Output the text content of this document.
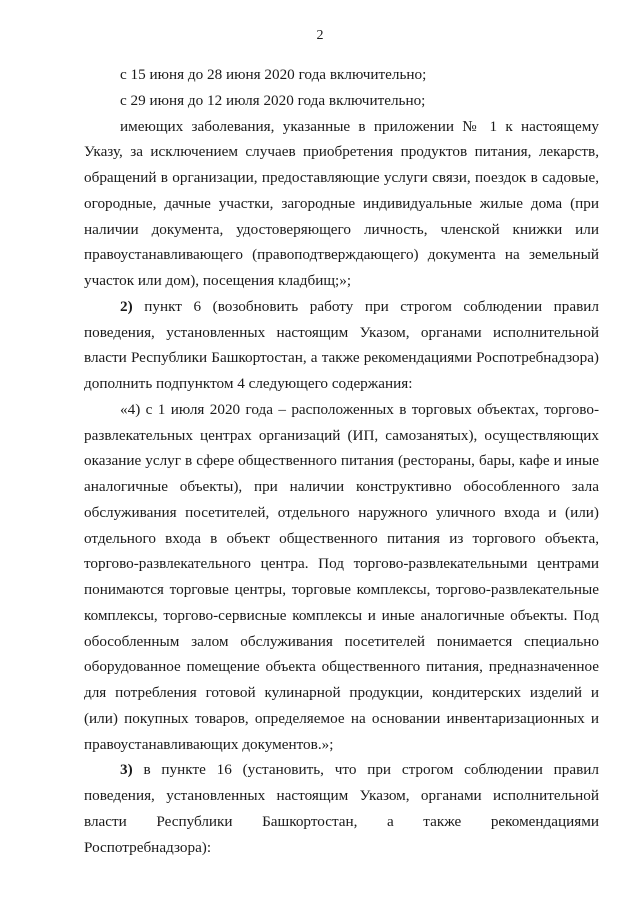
2

с 15 июня до 28 июня 2020 года включительно;

с 29 июня до 12 июля 2020 года включительно;

имеющих заболевания, указанные в приложении № 1 к настоящему Указу, за исключением случаев приобретения продуктов питания, лекарств, обращений в организации, предоставляющие услуги связи, поездок в садовые, огородные, дачные участки, загородные индивидуальные жилые дома (при наличии документа, удостоверяющего личность, членской книжки или правоустанавливающего (правоподтверждающего) документа на земельный участок или дом), посещения кладбищ;»;

2) пункт 6 (возобновить работу при строгом соблюдении правил поведения, установленных настоящим Указом, органами исполнительной власти Республики Башкортостан, а также рекомендациями Роспотребнадзора) дополнить подпунктом 4 следующего содержания:

«4) с 1 июля 2020 года – расположенных в торговых объектах, торгово-развлекательных центрах организаций (ИП, самозанятых), осуществляющих оказание услуг в сфере общественного питания (рестораны, бары, кафе и иные аналогичные объекты), при наличии конструктивно обособленного зала обслуживания посетителей, отдельного наружного уличного входа и (или) отдельного входа в объект общественного питания из торгового объекта, торгово-развлекательного центра. Под торгово-развлекательными центрами понимаются торговые центры, торговые комплексы, торгово-развлекательные комплексы, торгово-сервисные комплексы и иные аналогичные объекты. Под обособленным залом обслуживания посетителей понимается специально оборудованное помещение объекта общественного питания, предназначенное для потребления готовой кулинарной продукции, кондитерских изделий и (или) покупных товаров, определяемое на основании инвентаризационных и правоустанавливающих документов.»;

3) в пункте 16 (установить, что при строгом соблюдении правил поведения, установленных настоящим Указом, органами исполнительной власти Республики Башкортостан, а также рекомендациями Роспотребнадзора):
